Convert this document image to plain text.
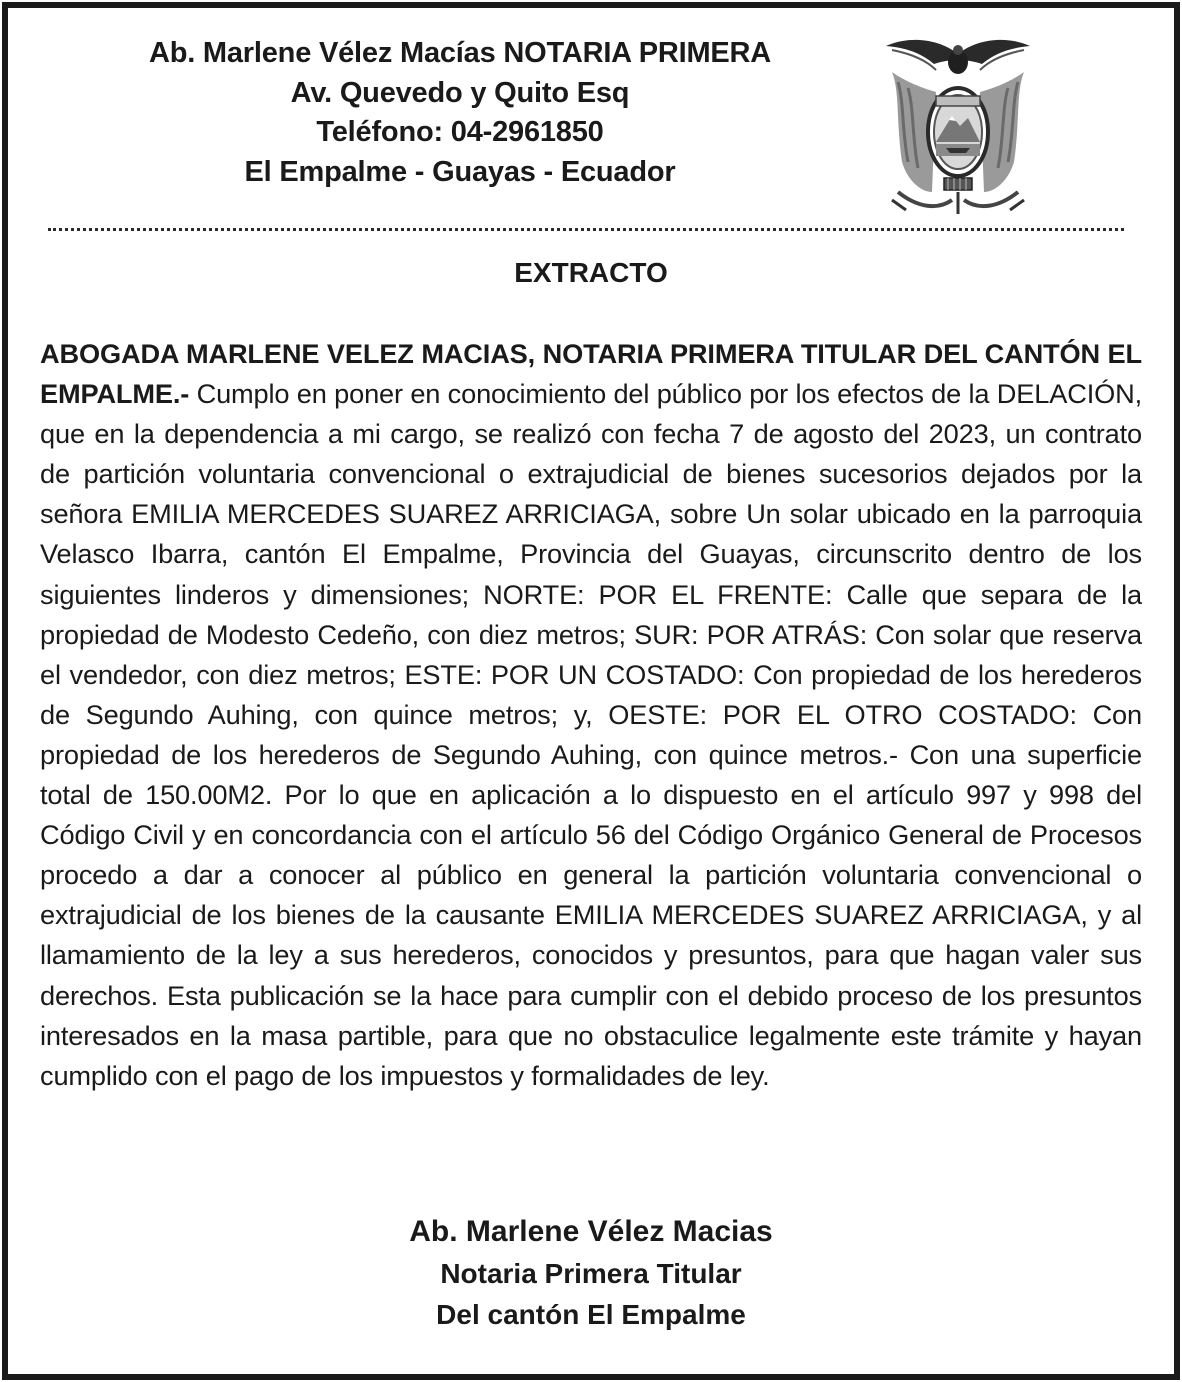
Ab. Marlene Vélez Macías NOTARIA PRIMERA
Av. Quevedo y Quito Esq
Teléfono: 04-2961850
El Empalme - Guayas - Ecuador
EXTRACTO
ABOGADA MARLENE VELEZ MACIAS, NOTARIA PRIMERA TITULAR DEL CANTÓN EL EMPALME.- Cumplo en poner en conocimiento del público por los efectos de la DELACIÓN, que en la dependencia a mi cargo, se realizó con fecha 7 de agosto del 2023, un contrato de partición voluntaria convencional o extrajudicial de bienes sucesorios dejados por la señora EMILIA MERCEDES SUAREZ ARRICIAGA, sobre Un solar ubicado en la parroquia Velasco Ibarra, cantón El Empalme, Provincia del Guayas, circunscrito dentro de los siguientes linderos y dimensiones; NORTE: POR EL FRENTE: Calle que separa de la propiedad de Modesto Cedeño, con diez metros; SUR: POR ATRÁS: Con solar que reserva el vendedor, con diez metros; ESTE: POR UN COSTADO: Con propiedad de los herederos de Segundo Auhing, con quince metros; y, OESTE: POR EL OTRO COSTADO: Con propiedad de los herederos de Segundo Auhing, con quince metros.- Con una superficie total de 150.00M2. Por lo que en aplicación a lo dispuesto en el artículo 997 y 998 del Código Civil y en concordancia con el artículo 56 del Código Orgánico General de Procesos procedo a dar a conocer al público en general la partición voluntaria convencional o extrajudicial de los bienes de la causante EMILIA MERCEDES SUAREZ ARRICIAGA, y al llamamiento de la ley a sus herederos, conocidos y presuntos, para que hagan valer sus derechos. Esta publicación se la hace para cumplir con el debido proceso de los presuntos interesados en la masa partible, para que no obstaculice legalmente este trámite y hayan cumplido con el pago de los impuestos y formalidades de ley.
Ab. Marlene Vélez Macias
Notaria Primera Titular
Del cantón El Empalme
